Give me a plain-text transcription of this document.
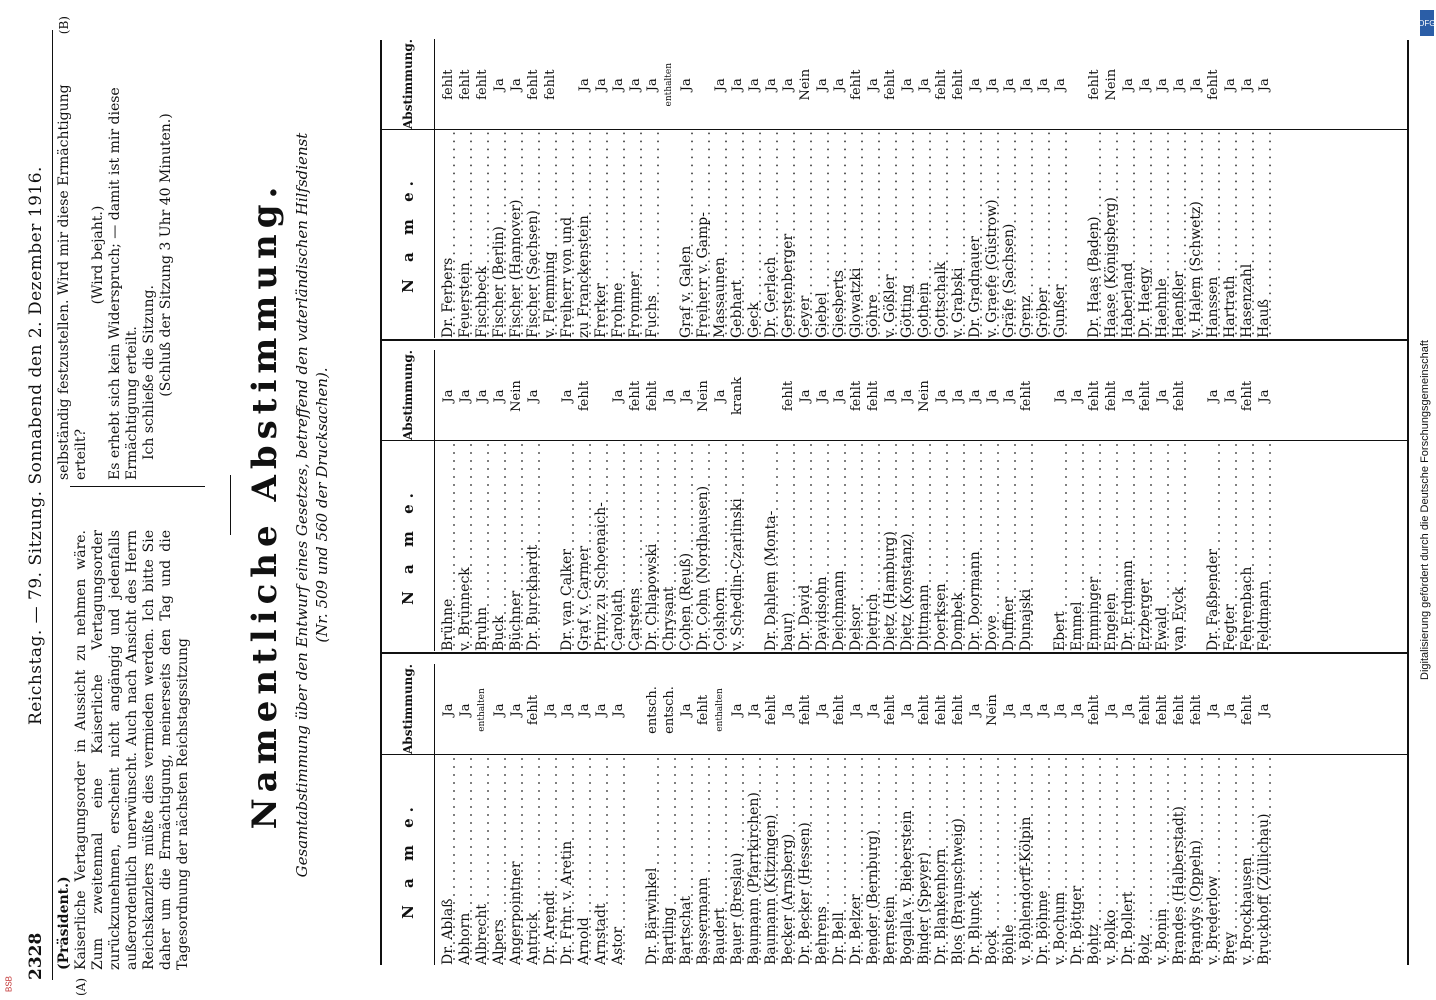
2328
Reichstag. — 79. Sitzung. Sonnabend den 2. Dezember 1916.
(Präsident.)
(A)
Kaiserliche Vertagungsorder in Aussicht zu nehmen wäre. Zum zweitenmal eine Kaiserliche Vertagungsorder zurückzunehmen, erscheint nicht angängig und jedenfalls außerordentlich unerwünscht. Auch nach Ansicht des Herrn Reichskanzlers müßte dies vermieden werden. Ich bitte Sie daher um die Ermächtigung, meinerseits den Tag und die Tagesordnung der nächsten Reichstagssitzung
(B)
selbständig festzustellen. Wird mir diese Ermächtigung erteilt?
(Wird bejaht.) Es erhebt sich kein Widerspruch; — damit ist mir diese Ermächtigung erteilt. Ich schließe die Sitzung. (Schluß der Sitzung 3 Uhr 40 Minuten.) Namentliche Abstimmung. Gesamtabstimmung über den Entwurf eines Gesetzes, betreffend den vaterländischen Hilfsdienst (Nr. 509 und 560 der Drucksachen).
N a m e.
Abstimmung.
Dr. Ablaß
Ja
Abhorn
Ja
Albrecht
enthalten
Alpers
Ja
Angerpointner
Ja
Antrick
fehlt
Dr. Arendt
Ja
Dr. Frhr. v. Aretin
Ja
Arnold
Ja
Arnstadt
Ja
Astor
Ja
Dr. Bärwinkel
entsch.
Bartling
entsch.
Bartschat
Ja
Bassermann
fehlt
Baudert
enthalten
Bauer (Breslau)
Ja
Baumann (Pfarrkirchen)
Ja
Baumann (Kitzingen)
fehlt
Becker (Arnsberg)
Ja
Dr. Becker (Hessen)
fehlt
Behrens
Ja
Dr. Bell
fehlt
Dr. Belzer
Ja
Bender (Bernburg)
Ja
Bernstein
fehlt
Bogalla v. Bieberstein
Ja
Binder (Speyer)
fehlt
Dr. Blankenhorn
fehlt
Blos (Braunschweig)
fehlt
Dr. Blunck
Ja
Bock
Nein
Böhle
Ja
v. Böhlendorff-Kölpin
Ja
Dr. Böhme
Ja
v. Bochum
Ja
Dr. Böttger
Ja
Bohtz
fehlt
v. Bolko
Ja
Dr. Bollert
Ja
Bolz
fehlt
v. Bonin
fehlt
Brandes (Halberstadt)
fehlt
Brandys (Oppeln)
fehlt
v. Brederlow
Ja
Brey
Ja
v. Brockhausen
fehlt
Bruckhoff (Züllichau)
Ja
N a m e.
Abstimmung.
Brühne
Ja
v. Brünneck
Ja
Bruhn
Ja
Buck
Ja
Büchner
Nein
Dr. Burckhardt
Ja
Dr. van Calker
Ja
Graf v. Carmer
fehlt
Prinz zu Schoenaich- Carolath
Ja
Carstens
fehlt
Dr. Chlapowski
fehlt
Chrysant
Ja
Cohen (Reuß)
Ja
Dr. Cohn (Nordhausen)
Nein
Colshorn
Ja
v. Schedlin-Czarlinski
krank
Dr. Dahlem (Monta- baur)
fehlt
Dr. David
Ja
Davidsohn
Ja
Deichmann
Ja
Delsor
fehlt
Dietrich
fehlt
Dietz (Hamburg)
Ja
Dietz (Konstanz)
Ja
Dittmann
Nein
Doerksen
Ja
Dombek
Ja
Dr. Doormann
Ja
Dove
Ja
Duffner
Ja
Dunajski
fehlt
Ebert
Ja
Emmel
Ja
Emminger
fehlt
Engelen
fehlt
Dr. Erdmann
Ja
Erzberger
fehlt
Ewald
Ja
van Eyck
fehlt
Dr. Faßbender
Ja
Fegter
Ja
Fehrenbach
fehlt
Feldmann
Ja
N a m e.
Abstimmung.
Dr. Ferbers
fehlt
Feuerstein
fehlt
Fischbeck
fehlt
Fischer (Berlin)
Ja
Fischer (Hannover)
Ja
Fischer (Sachsen)
fehlt
v. Flemming
fehlt
Freiherr von und zu Franckenstein
Ja
Frerker
Ja
Frohme
Ja
Frommer
Ja
Fuchs
Ja enthalten
Graf v. Galen
Ja
Freiherr v. Gamp- Massaunen
Ja
Gebhart
Ja
Geck
Ja
Dr. Gerlach
Ja
Gerstenberger
Ja
Geyer
Nein
Giebel
Ja
Giesberts
Ja
Glowatzki
fehlt
Göhre
Ja
v. Gößler
fehlt
Götting
Ja
Gothein
Ja
Gottschalk
fehlt
v. Grabski
fehlt
Dr. Gradnauer
Ja
v. Graefe (Güstrow)
Ja
Gräfe (Sachsen)
Ja
Grenz
Ja
Gröber
Ja
Gunßer
Ja
Dr. Haas (Baden)
fehlt
Haase (Königsberg)
Nein
Haberland
Ja
Dr. Haegy
Ja
Haehnle
Ja
Haenßler
Ja
v. Halem (Schwetz)
Ja
Hanssen
fehlt
Hartrath
Ja
Hasenzahl
Ja
Hauß
Ja
DFG
Digitalisierung gefördert durch die Deutsche Forschungsgemeinschaft
BSB
